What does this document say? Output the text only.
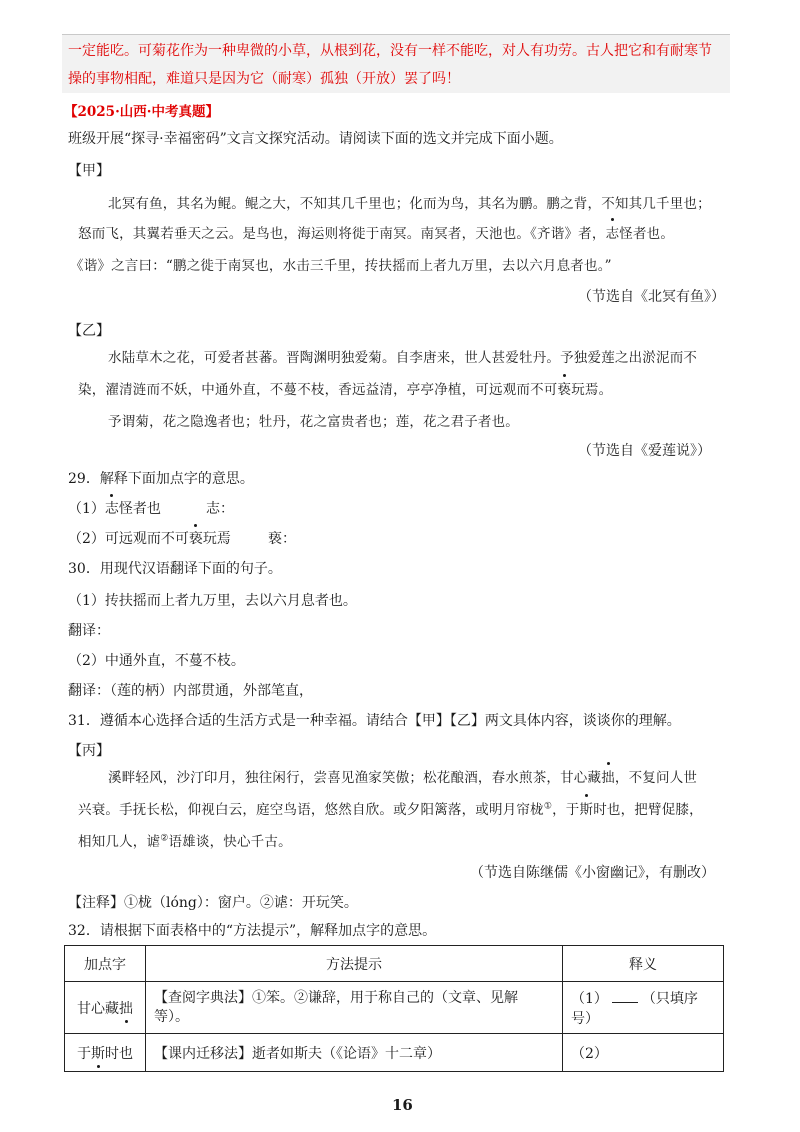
一定能吃。可菊花作为一种卑微的小草，从根到花，没有一样不能吃，对人有功劳。古人把它和有耐寒节
操的事物相配，难道只是因为它（耐寒）孤独（开放）罢了吗！
【2025·山西·中考真题】
班级开展“探寻·幸福密码”文言文探究活动。请阅读下面的选文并完成下面小题。
【甲】
北冥有鱼，其名为鲲。鲲之大，不知其几千里也；化而为鸟，其名为鹏。鹏之背，不知其几千里也；
怒而飞，其翼若垂天之云。是鸟也，海运则将徙于南冥。南冥者，天池也。《齐谐》者，志怪者也。
《谐》之言曰：“鹏之徙于南冥也，水击三千里，抟扶摇而上者九万里，去以六月息者也。”
（节选自《北冥有鱼》）
【乙】
水陆草木之花，可爱者甚蕃。晋陶渊明独爱菊。自李唐来，世人甚爱牡丹。予独爱莲之出淤泥而不
染，濯清涟而不妖，中通外直，不蔓不枝，香远益清，亭亭净植，可远观而不可亵玩焉。
予谓菊，花之隐逸者也；牡丹，花之富贵者也；莲，花之君子者也。
（节选自《爱莲说》）
29．解释下面加点字的意思。
（1）志怪者也	志：
（2）可远观而不可亵玩焉	亵：
30．用现代汉语翻译下面的句子。
（1）抟扶摇而上者九万里，去以六月息者也。
翻译：
（2）中通外直，不蔓不枝。
翻译：（莲的柄）内部贯通，外部笔直，
31．遵循本心选择合适的生活方式是一种幸福。请结合【甲】【乙】两文具体内容，谈谈你的理解。
【丙】
溪畔轻风，沙汀印月，独往闲行，尝喜见渔家笑傲；松花酿酒，春水煎茶，甘心藏拙，不复问人世
兴衰。手抚长松，仰视白云，庭空鸟语，悠然自欣。或夕阳篱落，或明月帘栊①，于斯时也，把臂促膝，
相知几人，谑②语雄谈，快心千古。
（节选自陈继儒《小窗幽记》，有删改）
【注释】①栊（lóng）：窗户。②谑：开玩笑。
32．请根据下面表格中的“方法提示”，解释加点字的意思。
加点字	方法提示	释义
甘心藏拙	【查阅字典法】①笨。②谦辞，用于称自己的（文章、见解
等）。	（1） （只填序号）
于斯时也	【课内迁移法】逝者如斯夫（《论语》十二章）	（2）
16
